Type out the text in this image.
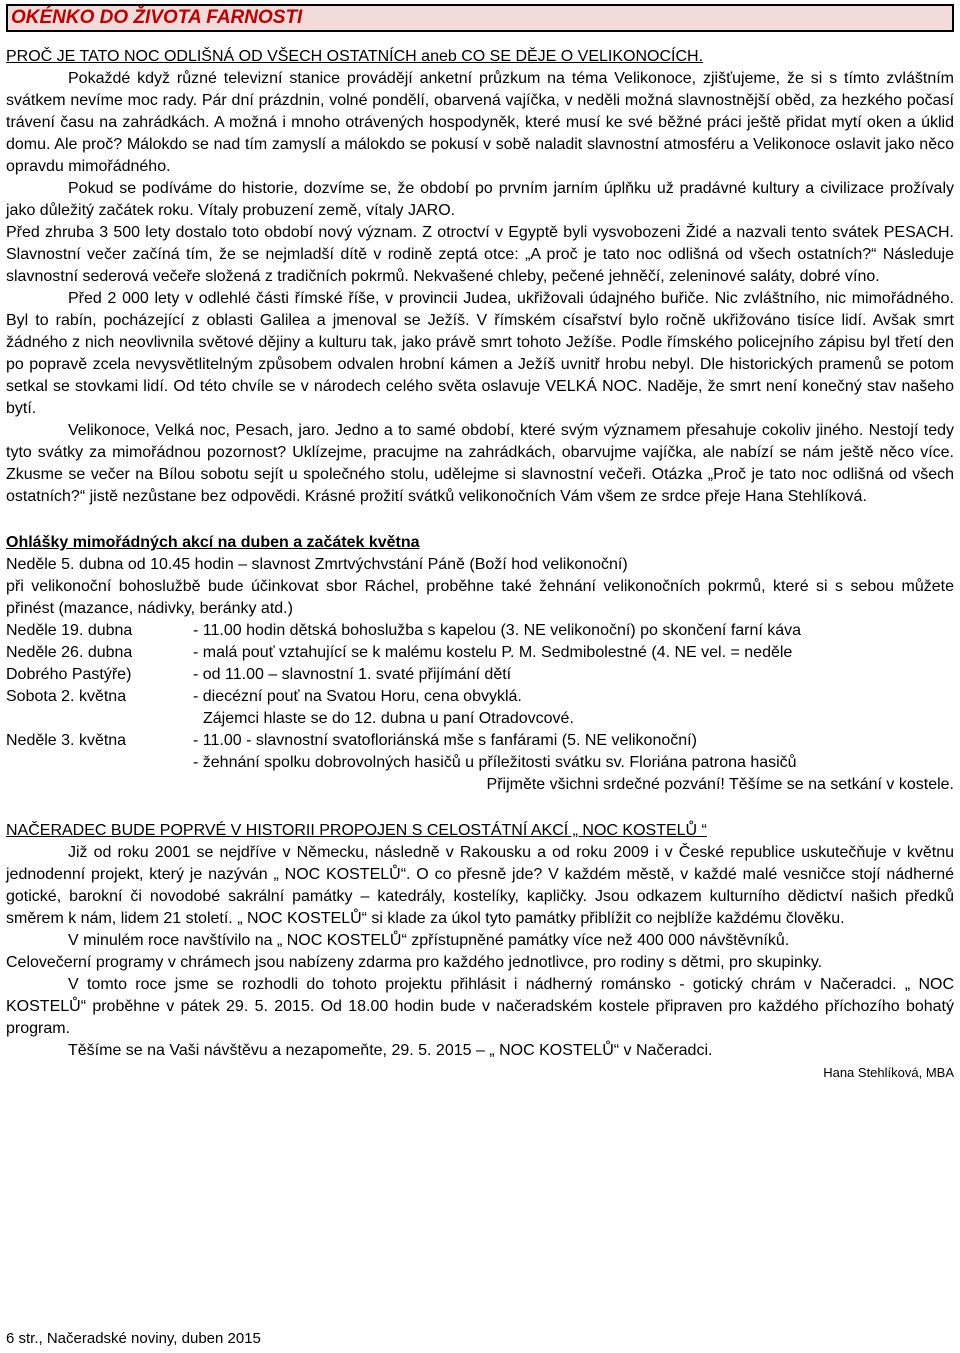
OKÉNKO DO ŽIVOTA FARNOSTI

PROČ JE TATO NOC ODLIŠNÁ OD VŠECH OSTATNÍCH aneb CO SE DĚJE O VELIKONOCÍCH.

Pokaždé když různé televizní stanice provádějí anketní průzkum na téma Velikonoce, zjišťujeme, že si s tímto zvláštním svátkem nevíme moc rady. Pár dní prázdnin, volné pondělí, obarvená vajíčka, v neděli možná slavnostnější oběd, za hezkého počasí trávení času na zahrádkách. A možná i mnoho otrávených hospodyněk, které musí ke své běžné práci ještě přidat mytí oken a úklid domu. Ale proč? Málokdo se nad tím zamyslí a málokdo se pokusí v sobě naladit slavnostní atmosféru a Velikonoce oslavit jako něco opravdu mimořádného.

Pokud se podíváme do historie, dozvíme se, že období po prvním jarním úplňku už pradávné kultury a civilizace prožívaly jako důležitý začátek roku. Vítaly probuzení země, vítaly JARO.

Před zhruba 3 500 lety dostalo toto období nový význam. Z otroctví v Egyptě byli vysvobozeni Židé a nazvali tento svátek PESACH. Slavnostní večer začíná tím, že se nejmladší dítě v rodině zeptá otce: „A proč je tato noc odlišná od všech ostatních?“ Následuje slavnostní sederová večeře složená z tradičních pokrmů. Nekvašené chleby, pečené jehněčí, zeleninové saláty, dobré víno.

Před 2 000 lety v odlehlé části římské říše, v provincii Judea, ukřižovali údajného buřiče. Nic zvláštního, nic mimořádného. Byl to rabín, pocházející z oblasti Galilea a jmenoval se Ježíš. V římském císařství bylo ročně ukřižováno tisíce lidí. Avšak smrt žádného z nich neovlivnila světové dějiny a kulturu tak, jako právě smrt tohoto Ježíše. Podle římského policejního zápisu byl třetí den po popravě zcela nevysvětlitelným způsobem odvalen hrobní kámen a Ježíš uvnitř hrobu nebyl. Dle historických pramenů se potom setkal se stovkami lidí. Od této chvíle se v národech celého světa oslavuje VELKÁ NOC. Naděje, že smrt není konečný stav našeho bytí.

Velikonoce, Velká noc, Pesach, jaro. Jedno a to samé období, které svým významem přesahuje cokoliv jiného. Nestojí tedy tyto svátky za mimořádnou pozornost? Uklízejme, pracujme na zahrádkách, obarvujme vajíčka, ale nabízí se nám ještě něco více. Zkusme se večer na Bílou sobotu sejít u společného stolu, udělejme si slavnostní večeři. Otázka „Proč je tato noc odlišná od všech ostatních?“ jistě nezůstane bez odpovědi. Krásné prožití svátků velikonočních Vám všem ze srdce přeje Hana Stehlíková.

Ohlášky mimořádných akcí na duben a začátek května

Neděle 5. dubna od 10.45 hodin – slavnost Zmrtvýchvstání Páně (Boží hod velikonoční)

při velikonoční bohoslužbě bude účinkovat sbor Ráchel, proběhne také žehnání velikonočních pokrmů, které si s sebou můžete přinést (mazance, nádivky, beránky atd.)

Neděle 19. dubna	- 11.00 hodin dětská bohoslužba s kapelou (3. NE velikonoční) po skončení farní káva
Neděle 26. dubna	- malá pouť vztahující se k malému kostelu P. M. Sedmibolestné (4. NE vel. = neděle
Dobrého Pastýře)	- od 11.00 – slavnostní 1. svaté přijímání dětí
Sobota 2. května	- diecézní pouť na Svatou Horu, cena obvyklá.
Zájemci hlaste se do 12. dubna u paní Otradovcové.
Neděle 3. května	- 11.00 - slavnostní svatofloriánská mše s fanfárami (5. NE velikonoční)
- žehnání spolku dobrovolných hasičů u příležitosti svátku sv. Floriána patrona hasičů
Přijměte všichni srdečné pozvání! Těšíme se na setkání v kostele.

NAČERADEC BUDE POPRVÉ V HISTORII PROPOJEN S CELOSTÁTNÍ AKCÍ „ NOC KOSTELŮ “

Již od roku 2001 se nejdříve v Německu, následně v Rakousku a od roku 2009 i v České republice uskutečňuje v květnu jednodenní projekt, který je nazýván „ NOC KOSTELŮ“. O co přesně jde? V každém městě, v každé malé vesničce stojí nádherné gotické, barokní či novodobé sakrální památky – katedrály, kostelíky, kapličky. Jsou odkazem kulturního dědictví našich předků směrem k nám, lidem 21 století. „ NOC KOSTELŮ“ si klade za úkol tyto památky přiblížit co nejblíže každému člověku.

V minulém roce navštívilo na „ NOC KOSTELŮ“ zpřístupněné památky více než 400 000 návštěvníků.

Celovečerní programy v chrámech jsou nabízeny zdarma pro každého jednotlivce, pro rodiny s dětmi, pro skupinky.

V tomto roce jsme se rozhodli do tohoto projektu přihlásit i nádherný románsko - gotický chrám v Načeradci. „ NOC KOSTELŮ“ proběhne v pátek 29. 5. 2015. Od 18.00 hodin bude v načeradském kostele připraven pro každého příchozího bohatý program.

Těšíme se na Vaši návštěvu a nezapomeňte, 29. 5. 2015 – „ NOC KOSTELŮ“ v Načeradci.

Hana Stehlíková, MBA
6 str., Načeradské noviny, duben 2015
